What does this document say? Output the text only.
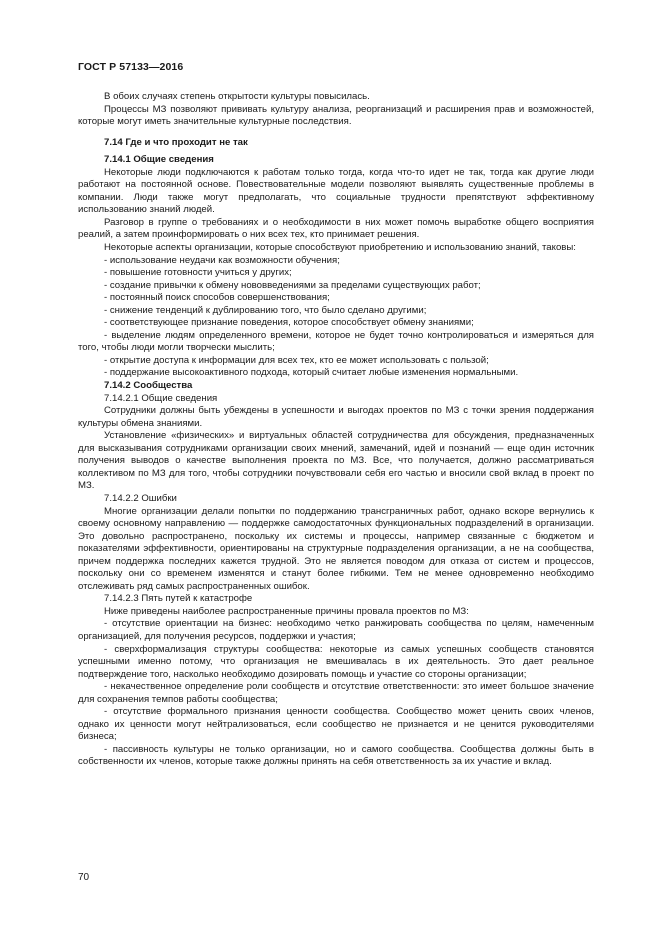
ГОСТ Р 57133—2016

В обоих случаях степень открытости культуры повысилась.

Процессы МЗ позволяют прививать культуру анализа, реорганизаций и расширения прав и возможностей, которые могут иметь значительные культурные последствия.

7.14 Где и что проходит не так

7.14.1 Общие сведения

Некоторые люди подключаются к работам только тогда, когда что-то идет не так, тогда как другие люди работают на постоянной основе. Повествовательные модели позволяют выявлять существенные проблемы в компании. Люди также могут предполагать, что социальные трудности препятствуют эффективному использованию знаний людей.

Разговор в группе о требованиях и о необходимости в них может помочь выработке общего восприятия реалий, а затем проинформировать о них всех тех, кто принимает решения.

Некоторые аспекты организации, которые способствуют приобретению и использованию знаний, таковы:

- использование неудачи как возможности обучения;

- повышение готовности учиться у других;

- создание привычки к обмену нововведениями за пределами существующих работ;

- постоянный поиск способов совершенствования;

- снижение тенденций к дублированию того, что было сделано другими;

- соответствующее признание поведения, которое способствует обмену знаниями;

- выделение людям определенного времени, которое не будет точно контролироваться и измеряться для того, чтобы люди могли творчески мыслить;

- открытие доступа к информации для всех тех, кто ее может использовать с пользой;

- поддержание высокоактивного подхода, который считает любые изменения нормальными.

7.14.2 Сообщества

7.14.2.1 Общие сведения

Сотрудники должны быть убеждены в успешности и выгодах проектов по МЗ с точки зрения поддержания культуры обмена знаниями.

Установление «физических» и виртуальных областей сотрудничества для обсуждения, предназначенных для высказывания сотрудниками организации своих мнений, замечаний, идей и познаний — еще один источник получения выводов о качестве выполнения проекта по МЗ. Все, что получается, должно рассматриваться коллективом по МЗ для того, чтобы сотрудники почувствовали себя его частью и вносили свой вклад в проект по МЗ.

7.14.2.2 Ошибки

Многие организации делали попытки по поддержанию трансграничных работ, однако вскоре вернулись к своему основному направлению — поддержке самодостаточных функциональных подразделений в организации. Это довольно распространено, поскольку их системы и процессы, например связанные с бюджетом и показателями эффективности, ориентированы на структурные подразделения организации, а не на сообщества, причем поддержка последних кажется трудной. Это не является поводом для отказа от систем и процессов, поскольку они со временем изменятся и станут более гибкими. Тем не менее одновременно необходимо отслеживать ряд самых распространенных ошибок.

7.14.2.3 Пять путей к катастрофе

Ниже приведены наиболее распространенные причины провала проектов по МЗ:

- отсутствие ориентации на бизнес: необходимо четко ранжировать сообщества по целям, намеченным организацией, для получения ресурсов, поддержки и участия;

- сверхформализация структуры сообщества: некоторые из самых успешных сообществ становятся успешными именно потому, что организация не вмешивалась в их деятельность. Это дает реальное подтверждение того, насколько необходимо дозировать помощь и участие со стороны организации;

- некачественное определение роли сообществ и отсутствие ответственности: это имеет большое значение для сохранения темпов работы сообщества;

- отсутствие формального признания ценности сообщества. Сообщество может ценить своих членов, однако их ценности могут нейтрализоваться, если сообщество не признается и не ценится руководителями бизнеса;

- пассивность культуры не только организации, но и самого сообщества. Сообщества должны быть в собственности их членов, которые также должны принять на себя ответственность за их участие и вклад.

70
